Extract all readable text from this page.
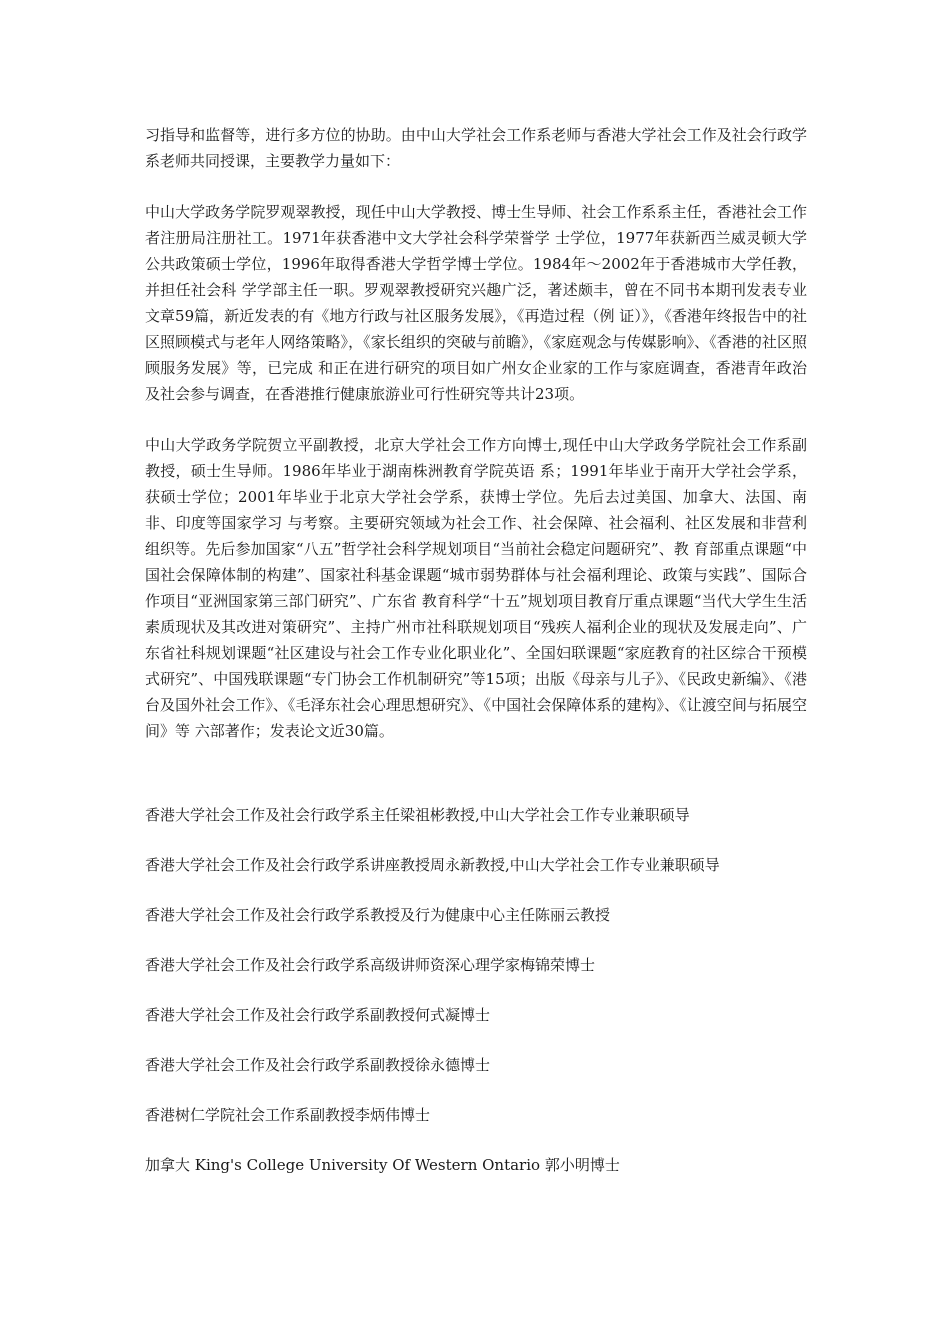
习指导和监督等，进行多方位的协助。由中山大学社会工作系老师与香港大学社会工作及社会行政学系老师共同授课，主要教学力量如下：

中山大学政务学院罗观翠教授，现任中山大学教授、博士生导师、社会工作系系主任，香港社会工作者注册局注册社工。1971年获香港中文大学社会科学荣誉学 士学位，1977年获新西兰威灵顿大学公共政策硕士学位，1996年取得香港大学哲学博士学位。1984年～2002年于香港城市大学任教，并担任社会科 学学部主任一职。罗观翠教授研究兴趣广泛，著述颇丰，曾在不同书本期刊发表专业文章59篇，新近发表的有《地方行政与社区服务发展》，《再造过程（例 证）》，《香港年终报告中的社区照顾模式与老年人网络策略》，《家长组织的突破与前瞻》，《家庭观念与传媒影响》、《香港的社区照顾服务发展》等，已完成 和正在进行研究的项目如广州女企业家的工作与家庭调查，香港青年政治及社会参与调查，在香港推行健康旅游业可行性研究等共计23项。

中山大学政务学院贺立平副教授，北京大学社会工作方向博士,现任中山大学政务学院社会工作系副教授，硕士生导师。1986年毕业于湖南株洲教育学院英语 系；1991年毕业于南开大学社会学系，获硕士学位；2001年毕业于北京大学社会学系，获博士学位。先后去过美国、加拿大、法国、南非、印度等国家学习 与考察。主要研究领域为社会工作、社会保障、社会福利、社区发展和非营利组织等。先后参加国家“八五”哲学社会科学规划项目“当前社会稳定问题研究”、教 育部重点课题“中国社会保障体制的构建”、国家社科基金课题“城市弱势群体与社会福利理论、政策与实践”、国际合作项目“亚洲国家第三部门研究”、广东省 教育科学“十五”规划项目教育厅重点课题“当代大学生生活素质现状及其改进对策研究”、主持广州市社科联规划项目“残疾人福利企业的现状及发展走向”、广 东省社科规划课题“社区建设与社会工作专业化职业化”、全国妇联课题“家庭教育的社区综合干预模式研究”、中国残联课题“专门协会工作机制研究”等15项；出版《母亲与儿子》、《民政史新编》、《港台及国外社会工作》、《毛泽东社会心理思想研究》、《中国社会保障体系的建构》、《让渡空间与拓展空间》等 六部著作；发表论文近30篇。

香港大学社会工作及社会行政学系主任梁祖彬教授,中山大学社会工作专业兼职硕导

香港大学社会工作及社会行政学系讲座教授周永新教授,中山大学社会工作专业兼职硕导

香港大学社会工作及社会行政学系教授及行为健康中心主任陈丽云教授

香港大学社会工作及社会行政学系高级讲师资深心理学家梅锦荣博士

香港大学社会工作及社会行政学系副教授何式凝博士

香港大学社会工作及社会行政学系副教授徐永德博士

香港树仁学院社会工作系副教授李炳伟博士

加拿大 King's College University Of Western Ontario 郭小明博士
